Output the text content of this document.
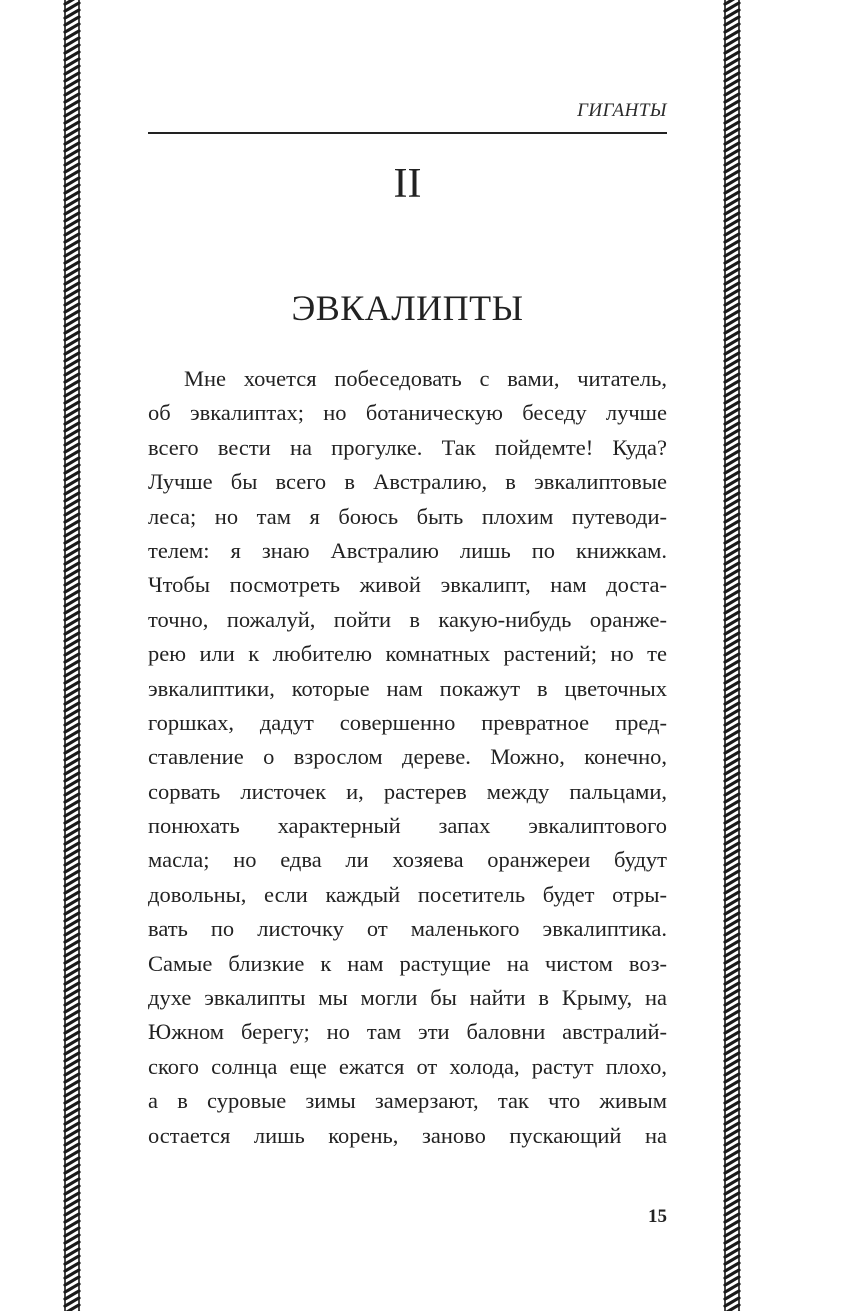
ГИГАНТЫ
II
ЭВКАЛИПТЫ
Мне хочется побеседовать с вами, читатель,
об эвкалиптах; но ботаническую беседу лучше
всего вести на прогулке. Так пойдемте! Куда?
Лучше бы всего в Австралию, в эвкалиптовые
леса; но там я боюсь быть плохим путеводи-
телем: я знаю Австралию лишь по книжкам.
Чтобы посмотреть живой эвкалипт, нам доста-
точно, пожалуй, пойти в какую-нибудь оранже-
рею или к любителю комнатных растений; но те
эвкалиптики, которые нам покажут в цветочных
горшках, дадут совершенно превратное пред-
ставление о взрослом дереве. Можно, конечно,
сорвать листочек и, растерев между пальцами,
понюхать характерный запах эвкалиптового
масла; но едва ли хозяева оранжереи будут
довольны, если каждый посетитель будет отры-
вать по листочку от маленького эвкалиптика.
Самые близкие к нам растущие на чистом воз-
духе эвкалипты мы могли бы найти в Крыму, на
Южном берегу; но там эти баловни австралий-
ского солнца еще ежатся от холода, растут плохо,
а в суровые зимы замерзают, так что живым
остается лишь корень, заново пускающий на
15
